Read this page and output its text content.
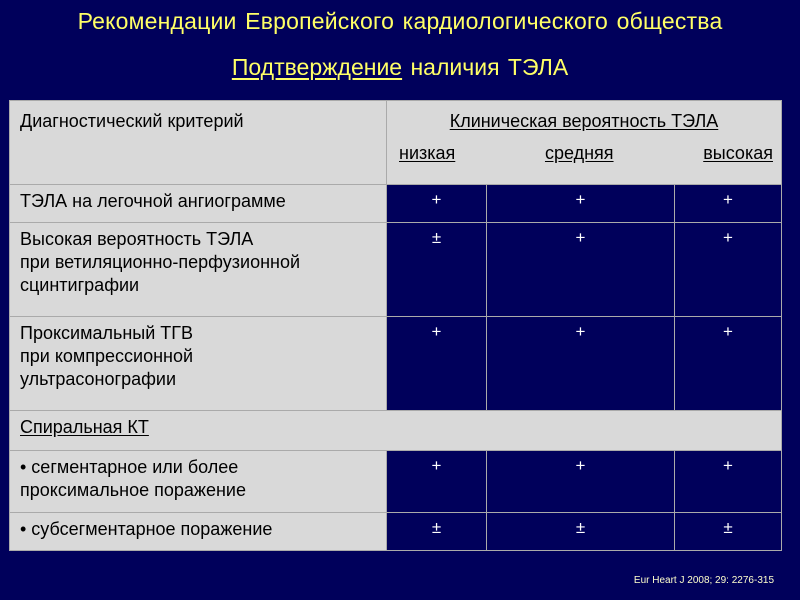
Рекомендации Европейского кардиологического общества
Подтверждение наличия ТЭЛА
Диагностический критерий	Клиническая вероятность ТЭЛА
низкая средняя высокая		

ТЭЛА на легочной ангиограмме	+	+	+

Высокая вероятность ТЭЛА
при ветиляционно-перфузионной
сцинтиграфии	±	+	+

Проксимальный ТГВ
при компрессионной
ультрасонографии	+	+	+
Спиральная КТ			

• сегментарное или более
проксимальное поражение	+	+	+
• субсегментарное поражение	±	±	±
Eur Heart J 2008; 29: 2276-315
